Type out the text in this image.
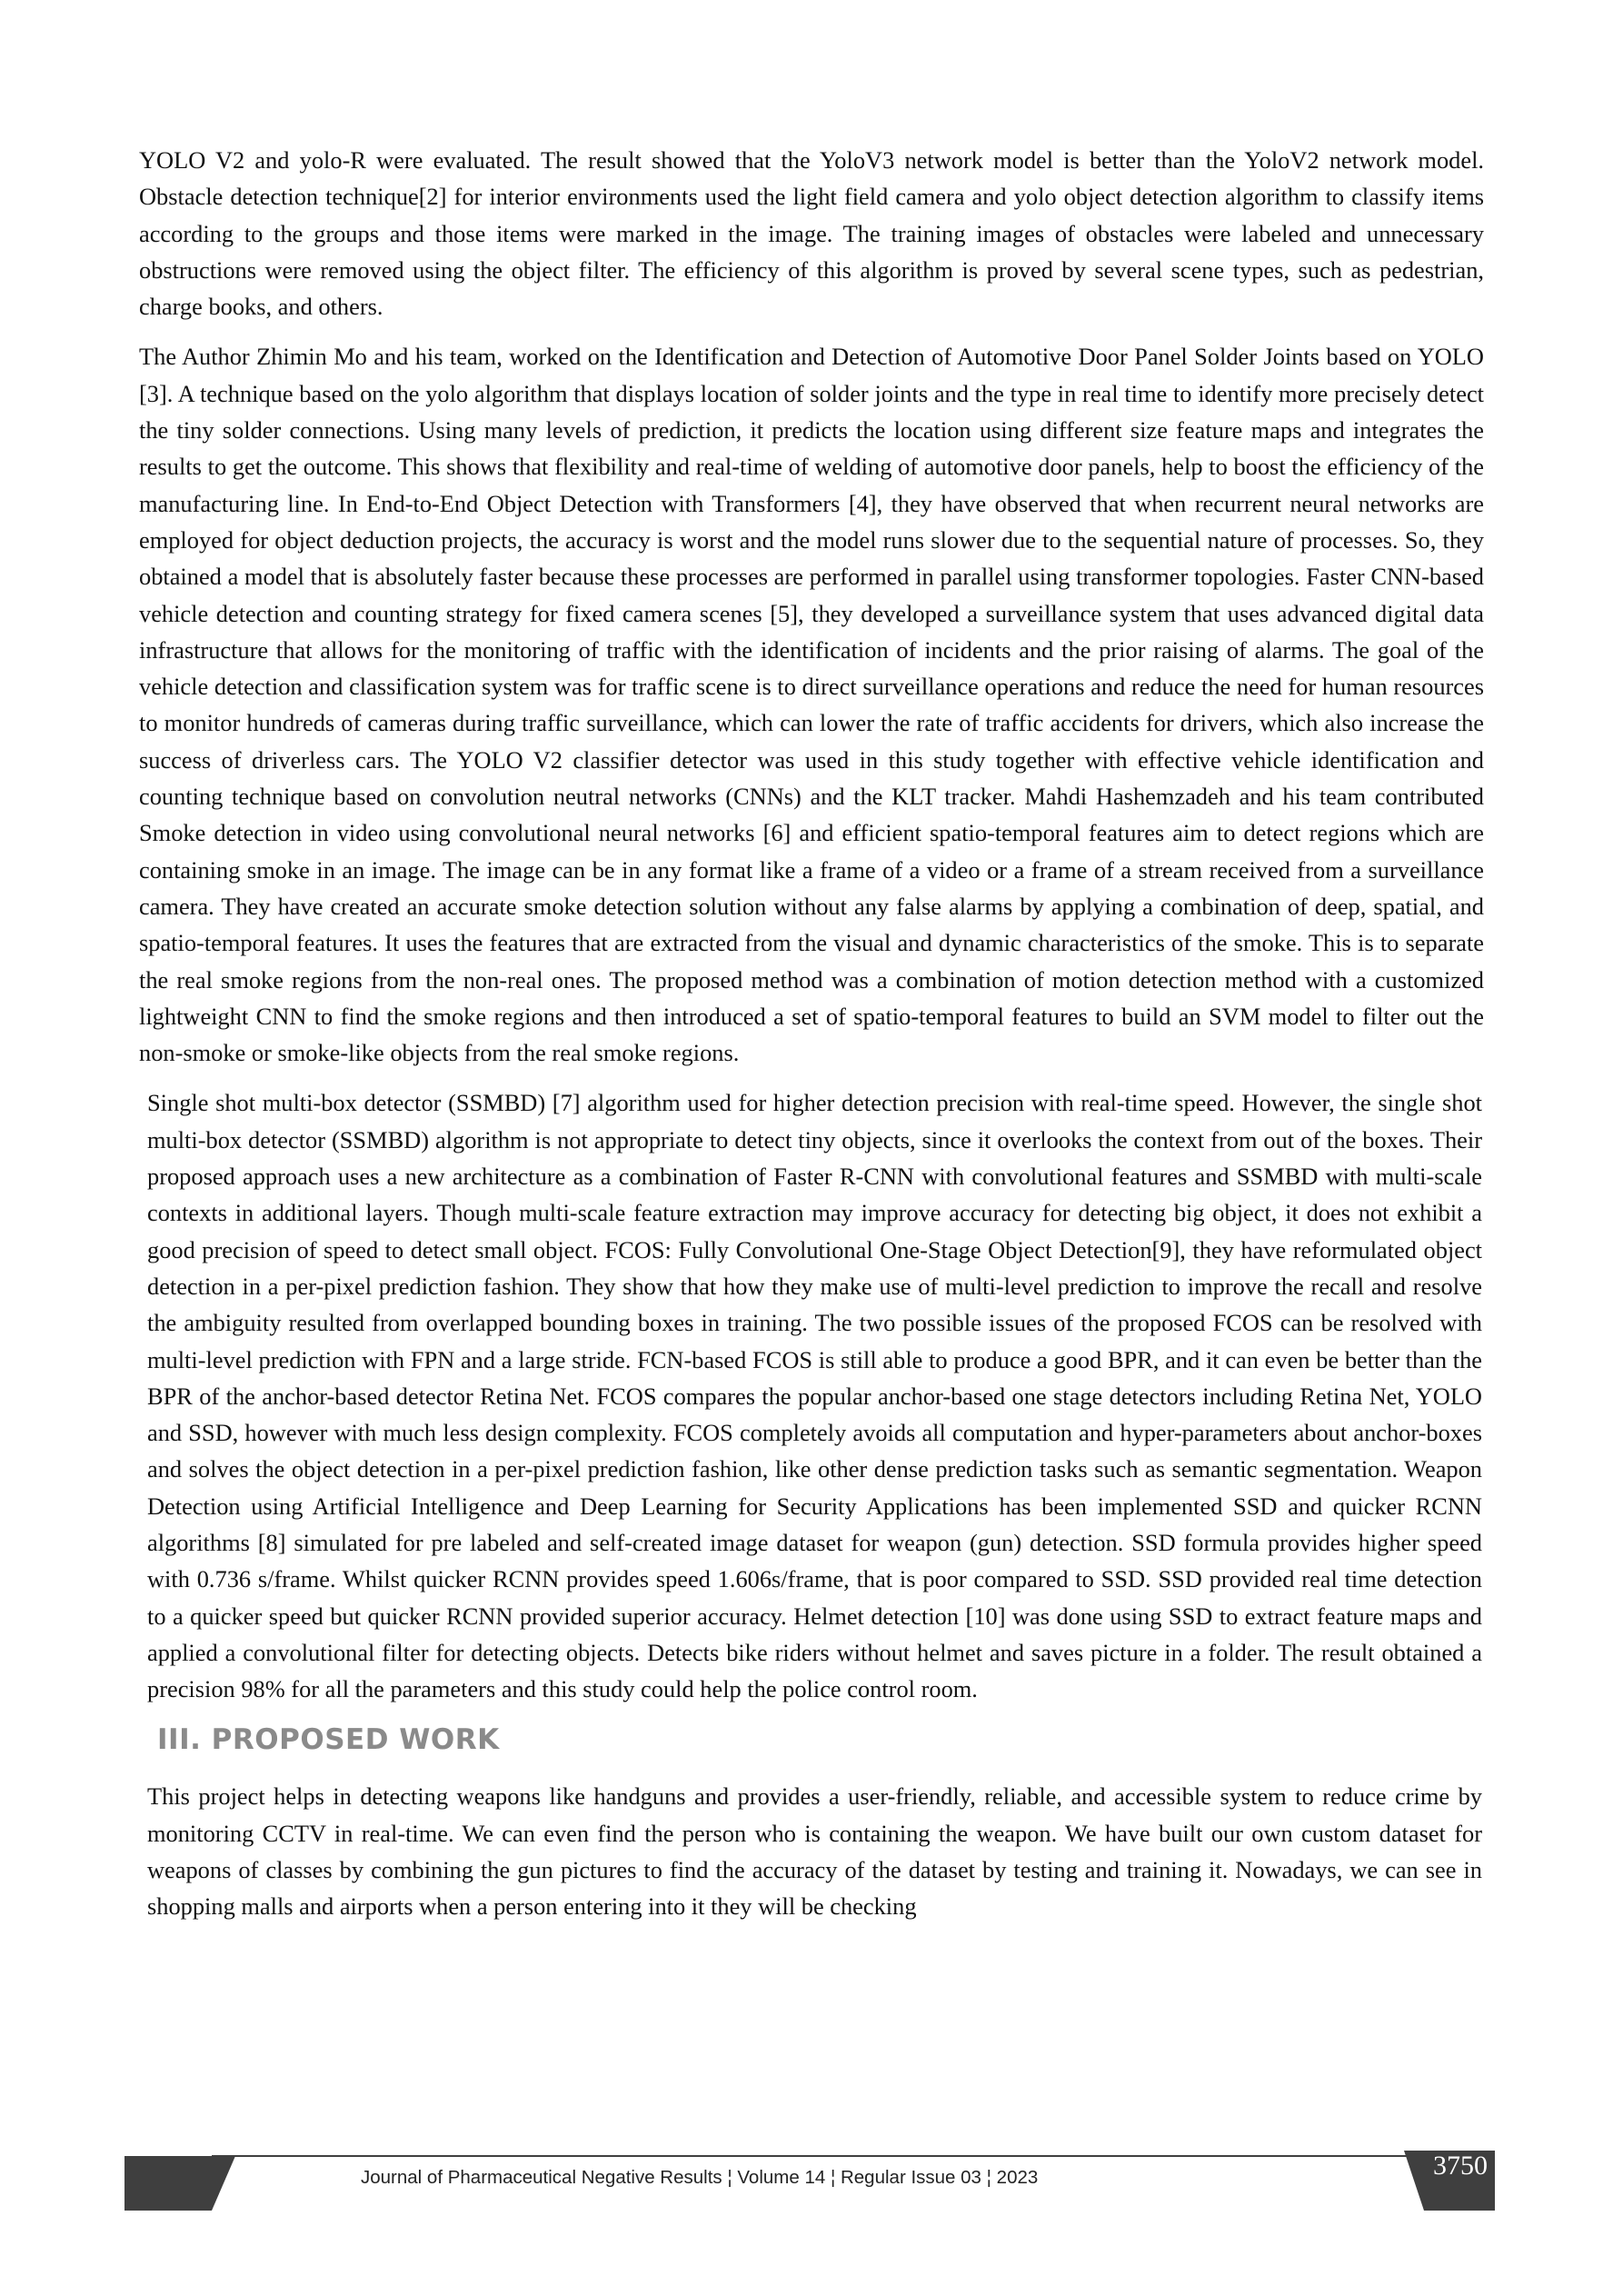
YOLO V2 and yolo-R were evaluated. The result showed that the YoloV3 network model is better than the YoloV2 network model. Obstacle detection technique[2] for interior environments used the light field camera and yolo object detection algorithm to classify items according to the groups and those items were marked in the image. The training images of obstacles were labeled and unnecessary obstructions were removed using the object filter. The efficiency of this algorithm is proved by several scene types, such as pedestrian, charge books, and others.

The Author Zhimin Mo and his team, worked on the Identification and Detection of Automotive Door Panel Solder Joints based on YOLO [3]. A technique based on the yolo algorithm that displays location of solder joints and the type in real time to identify more precisely detect the tiny solder connections. Using many levels of prediction, it predicts the location using different size feature maps and integrates the results to get the outcome. This shows that flexibility and real-time of welding of automotive door panels, help to boost the efficiency of the manufacturing line. In End-to-End Object Detection with Transformers [4], they have observed that when recurrent neural networks are employed for object deduction projects, the accuracy is worst and the model runs slower due to the sequential nature of processes. So, they obtained a model that is absolutely faster because these processes are performed in parallel using transformer topologies. Faster CNN-based vehicle detection and counting strategy for fixed camera scenes [5], they developed a surveillance system that uses advanced digital data infrastructure that allows for the monitoring of traffic with the identification of incidents and the prior raising of alarms. The goal of the vehicle detection and classification system was for traffic scene is to direct surveillance operations and reduce the need for human resources to monitor hundreds of cameras during traffic surveillance, which can lower the rate of traffic accidents for drivers, which also increase the success of driverless cars. The YOLO V2 classifier detector was used in this study together with effective vehicle identification and counting technique based on convolution neutral networks (CNNs) and the KLT tracker. Mahdi Hashemzadeh and his team contributed Smoke detection in video using convolutional neural networks [6] and efficient spatio-temporal features aim to detect regions which are containing smoke in an image. The image can be in any format like a frame of a video or a frame of a stream received from a surveillance camera. They have created an accurate smoke detection solution without any false alarms by applying a combination of deep, spatial, and spatio-temporal features. It uses the features that are extracted from the visual and dynamic characteristics of the smoke. This is to separate the real smoke regions from the non-real ones. The proposed method was a combination of motion detection method with a customized lightweight CNN to find the smoke regions and then introduced a set of spatio-temporal features to build an SVM model to filter out the non-smoke or smoke-like objects from the real smoke regions.

Single shot multi-box detector (SSMBD) [7] algorithm used for higher detection precision with real-time speed. However, the single shot multi-box detector (SSMBD) algorithm is not appropriate to detect tiny objects, since it overlooks the context from out of the boxes. Their proposed approach uses a new architecture as a combination of Faster R-CNN with convolutional features and SSMBD with multi-scale contexts in additional layers. Though multi-scale feature extraction may improve accuracy for detecting big object, it does not exhibit a good precision of speed to detect small object. FCOS: Fully Convolutional One-Stage Object Detection[9], they have reformulated object detection in a per-pixel prediction fashion. They show that how they make use of multi-level prediction to improve the recall and resolve the ambiguity resulted from overlapped bounding boxes in training. The two possible issues of the proposed FCOS can be resolved with multi-level prediction with FPN and a large stride. FCN-based FCOS is still able to produce a good BPR, and it can even be better than the BPR of the anchor-based detector Retina Net. FCOS compares the popular anchor-based one stage detectors including Retina Net, YOLO and SSD, however with much less design complexity. FCOS completely avoids all computation and hyper-parameters about anchor-boxes and solves the object detection in a per-pixel prediction fashion, like other dense prediction tasks such as semantic segmentation. Weapon Detection using Artificial Intelligence and Deep Learning for Security Applications has been implemented SSD and quicker RCNN algorithms [8] simulated for pre labeled and self-created image dataset for weapon (gun) detection. SSD formula provides higher speed with 0.736 s/frame. Whilst quicker RCNN provides speed 1.606s/frame, that is poor compared to SSD. SSD provided real time detection to a quicker speed but quicker RCNN provided superior accuracy. Helmet detection [10] was done using SSD to extract feature maps and applied a convolutional filter for detecting objects. Detects bike riders without helmet and saves picture in a folder. The result obtained a precision 98% for all the parameters and this study could help the police control room.

III. PROPOSED WORK

This project helps in detecting weapons like handguns and provides a user-friendly, reliable, and accessible system to reduce crime by monitoring CCTV in real-time. We can even find the person who is containing the weapon. We have built our own custom dataset for weapons of classes by combining the gun pictures to find the accuracy of the dataset by testing and training it. Nowadays, we can see in shopping malls and airports when a person entering into it they will be checking

Journal of Pharmaceutical Negative Results ¦ Volume 14 ¦ Regular Issue 03 ¦ 2023	3750
